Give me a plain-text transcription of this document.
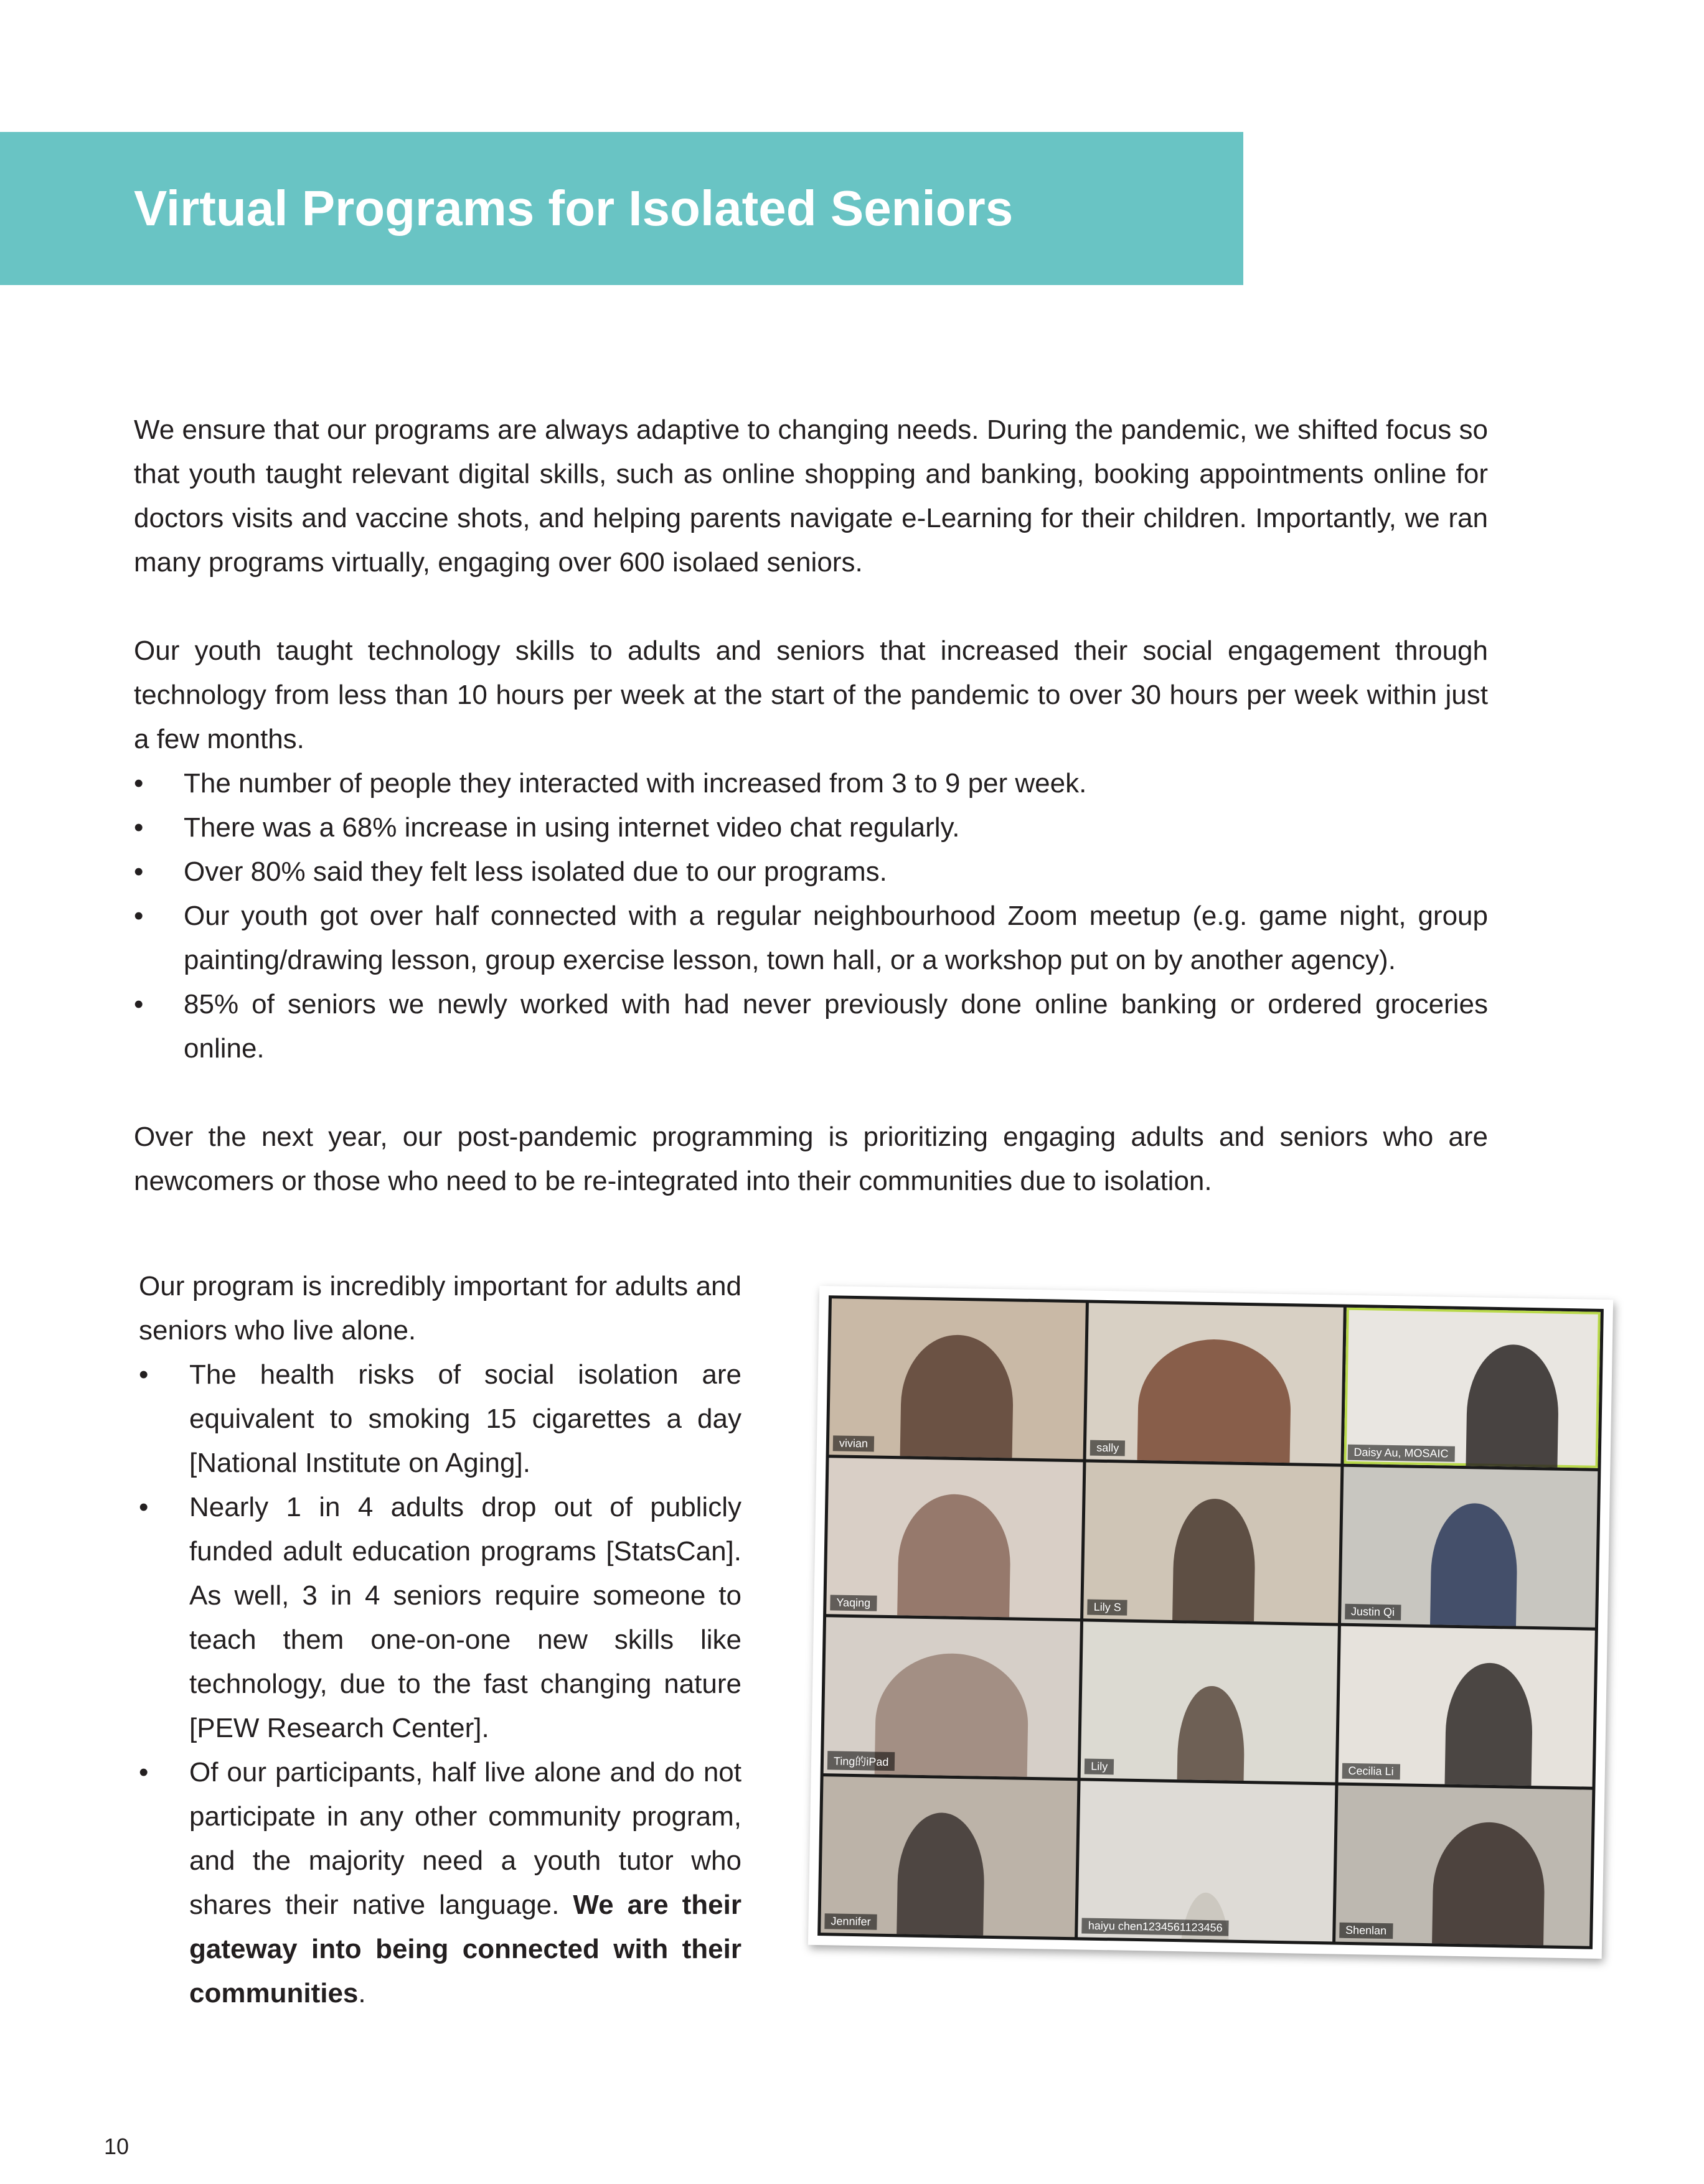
Virtual Programs for Isolated Seniors

We ensure that our programs are always adaptive to changing needs. During the pandemic, we shifted focus so that youth taught relevant digital skills, such as online shopping and banking, booking appointments online for doctors visits and vaccine shots, and helping parents navigate e-Learning for their children. Importantly, we ran many programs virtually, engaging over 600 isolaed seniors.

Our youth taught technology skills to adults and seniors that increased their social engagement through technology from less than 10 hours per week at the start of the pandemic to over 30 hours per week within just a few months.

• The number of people they interacted with increased from 3 to 9 per week.
• There was a 68% increase in using internet video chat regularly.
• Over 80% said they felt less isolated due to our programs.
• Our youth got over half connected with a regular neighbourhood Zoom meetup (e.g. game night, group painting/drawing lesson, group exercise lesson, town hall, or a workshop put on by another agency).
• 85% of seniors we newly worked with had never previously done online banking or ordered groceries online.

Over the next year, our post-pandemic programming is prioritizing engaging adults and seniors who are newcomers or those who need to be re-integrated into their communities due to isolation.

Our program is incredibly important for adults and seniors who live alone.

• The health risks of social isolation are equivalent to smoking 15 cigarettes a day [National Institute on Aging].
• Nearly 1 in 4 adults drop out of publicly funded adult education programs [StatsCan]. As well, 3 in 4 seniors require someone to teach them one-on-one new skills like technology, due to the fast changing nature [PEW Research Center].
• Of our participants, half live alone and do not participate in any other community program, and the majority need a youth tutor who shares their native language. We are their gateway into being connected with their communities.
vivian	sally	Daisy Au, MOSAIC
Yaqing	Lily S	Justin Qi
Ting的iPad	Lily	Cecilia Li
Jennifer	haiyu chen1234561123456	Shenlan
10
